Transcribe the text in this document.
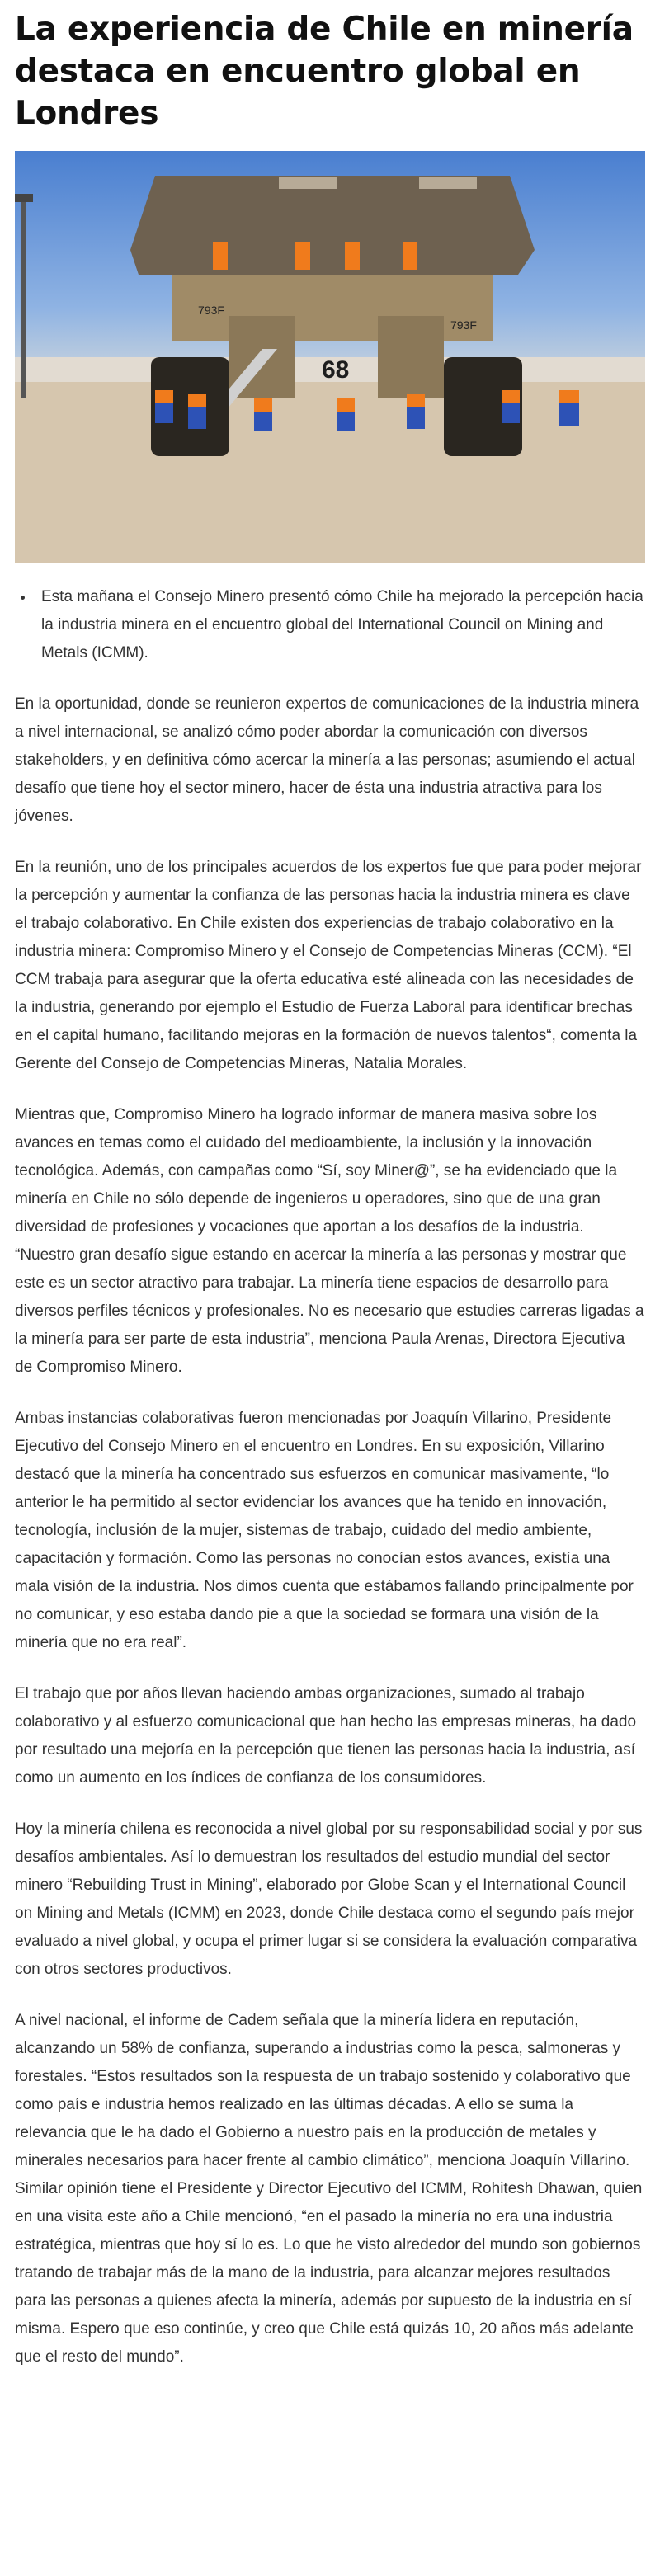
La experiencia de Chile en minería destaca en encuentro global en Londres
793F
793F
68
• Esta mañana el Consejo Minero presentó cómo Chile ha mejorado la percepción hacia la industria minera en el encuentro global del International Council on Mining and Metals (ICMM).

En la oportunidad, donde se reunieron expertos de comunicaciones de la industria minera a nivel internacional, se analizó cómo poder abordar la comunicación con diversos stakeholders, y en definitiva cómo acercar la minería a las personas; asumiendo el actual desafío que tiene hoy el sector minero, hacer de ésta una industria atractiva para los jóvenes.

En la reunión, uno de los principales acuerdos de los expertos fue que para poder mejorar la percepción y aumentar la confianza de las personas hacia la industria minera es clave el trabajo colaborativo. En Chile existen dos experiencias de trabajo colaborativo en la industria minera: Compromiso Minero y el Consejo de Competencias Mineras (CCM). “El CCM trabaja para asegurar que la oferta educativa esté alineada con las necesidades de la industria, generando por ejemplo el Estudio de Fuerza Laboral para identificar brechas en el capital humano, facilitando mejoras en la formación de nuevos talentos“, comenta la Gerente del Consejo de Competencias Mineras, Natalia Morales.

Mientras que, Compromiso Minero ha logrado informar de manera masiva sobre los avances en temas como el cuidado del medioambiente, la inclusión y la innovación tecnológica. Además, con campañas como “Sí, soy Miner@”, se ha evidenciado que la minería en Chile no sólo depende de ingenieros u operadores, sino que de una gran diversidad de profesiones y vocaciones que aportan a los desafíos de la industria. “Nuestro gran desafío sigue estando en acercar la minería a las personas y mostrar que este es un sector atractivo para trabajar. La minería tiene espacios de desarrollo para diversos perfiles técnicos y profesionales. No es necesario que estudies carreras ligadas a la minería para ser parte de esta industria”, menciona Paula Arenas, Directora Ejecutiva de Compromiso Minero.

Ambas instancias colaborativas fueron mencionadas por Joaquín Villarino, Presidente Ejecutivo del Consejo Minero en el encuentro en Londres. En su exposición, Villarino destacó que la minería ha concentrado sus esfuerzos en comunicar masivamente, “lo anterior le ha permitido al sector evidenciar los avances que ha tenido en innovación, tecnología, inclusión de la mujer, sistemas de trabajo, cuidado del medio ambiente, capacitación y formación. Como las personas no conocían estos avances, existía una mala visión de la industria. Nos dimos cuenta que estábamos fallando principalmente por no comunicar, y eso estaba dando pie a que la sociedad se formara una visión de la minería que no era real”.

El trabajo que por años llevan haciendo ambas organizaciones, sumado al trabajo colaborativo y al esfuerzo comunicacional que han hecho las empresas mineras, ha dado por resultado una mejoría en la percepción que tienen las personas hacia la industria, así como un aumento en los índices de confianza de los consumidores.

Hoy la minería chilena es reconocida a nivel global por su responsabilidad social y por sus desafíos ambientales. Así lo demuestran los resultados del estudio mundial del sector minero “Rebuilding Trust in Mining”, elaborado por Globe Scan y el International Council on Mining and Metals (ICMM) en 2023, donde Chile destaca como el segundo país mejor evaluado a nivel global, y ocupa el primer lugar si se considera la evaluación comparativa con otros sectores productivos.

A nivel nacional, el informe de Cadem señala que la minería lidera en reputación, alcanzando un 58% de confianza, superando a industrias como la pesca, salmoneras y forestales. “Estos resultados son la respuesta de un trabajo sostenido y colaborativo que como país e industria hemos realizado en las últimas décadas. A ello se suma la relevancia que le ha dado el Gobierno a nuestro país en la producción de metales y minerales necesarios para hacer frente al cambio climático”, menciona Joaquín Villarino. Similar opinión tiene el Presidente y Director Ejecutivo del ICMM, Rohitesh Dhawan, quien en una visita este año a Chile mencionó, “en el pasado la minería no era una industria estratégica, mientras que hoy sí lo es. Lo que he visto alrededor del mundo son gobiernos tratando de trabajar más de la mano de la industria, para alcanzar mejores resultados para las personas a quienes afecta la minería, además por supuesto de la industria en sí misma. Espero que eso continúe, y creo que Chile está quizás 10, 20 años más adelante que el resto del mundo”.
